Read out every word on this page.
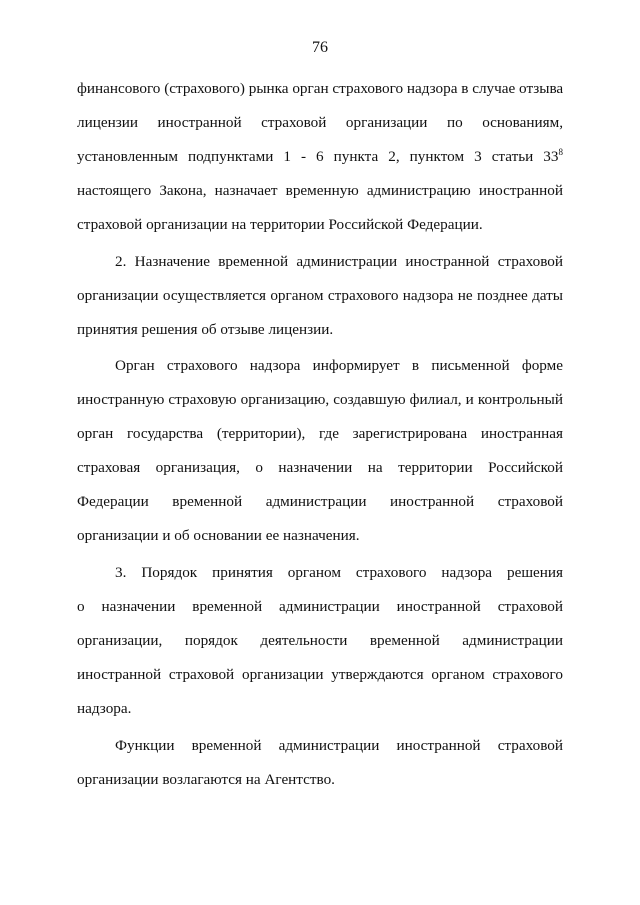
76
финансового (страхового) рынка орган страхового надзора в случае отзыва
лицензии иностранной страховой организации по основаниям,
установленным подпунктами 1 - 6 пункта 2, пунктом 3 статьи $33^8$
настоящего Закона, назначает временную администрацию иностранной
страховой организации на территории Российской Федерации.
2. Назначение временной администрации иностранной страховой
организации осуществляется органом страхового надзора не позднее даты
принятия решения об отзыве лицензии.
Орган страхового надзора информирует в письменной форме
иностранную страховую организацию, создавшую филиал, и контрольный
орган государства (территории), где зарегистрирована иностранная
страховая организация, о назначении на территории Российской
Федерации временной администрации иностранной страховой
организации и об основании ее назначения.
3. Порядок принятия органом страхового надзора решения
о назначении временной администрации иностранной страховой
организации, порядок деятельности временной администрации
иностранной страховой организации утверждаются органом страхового
надзора.
Функции временной администрации иностранной страховой
организации возлагаются на Агентство.
